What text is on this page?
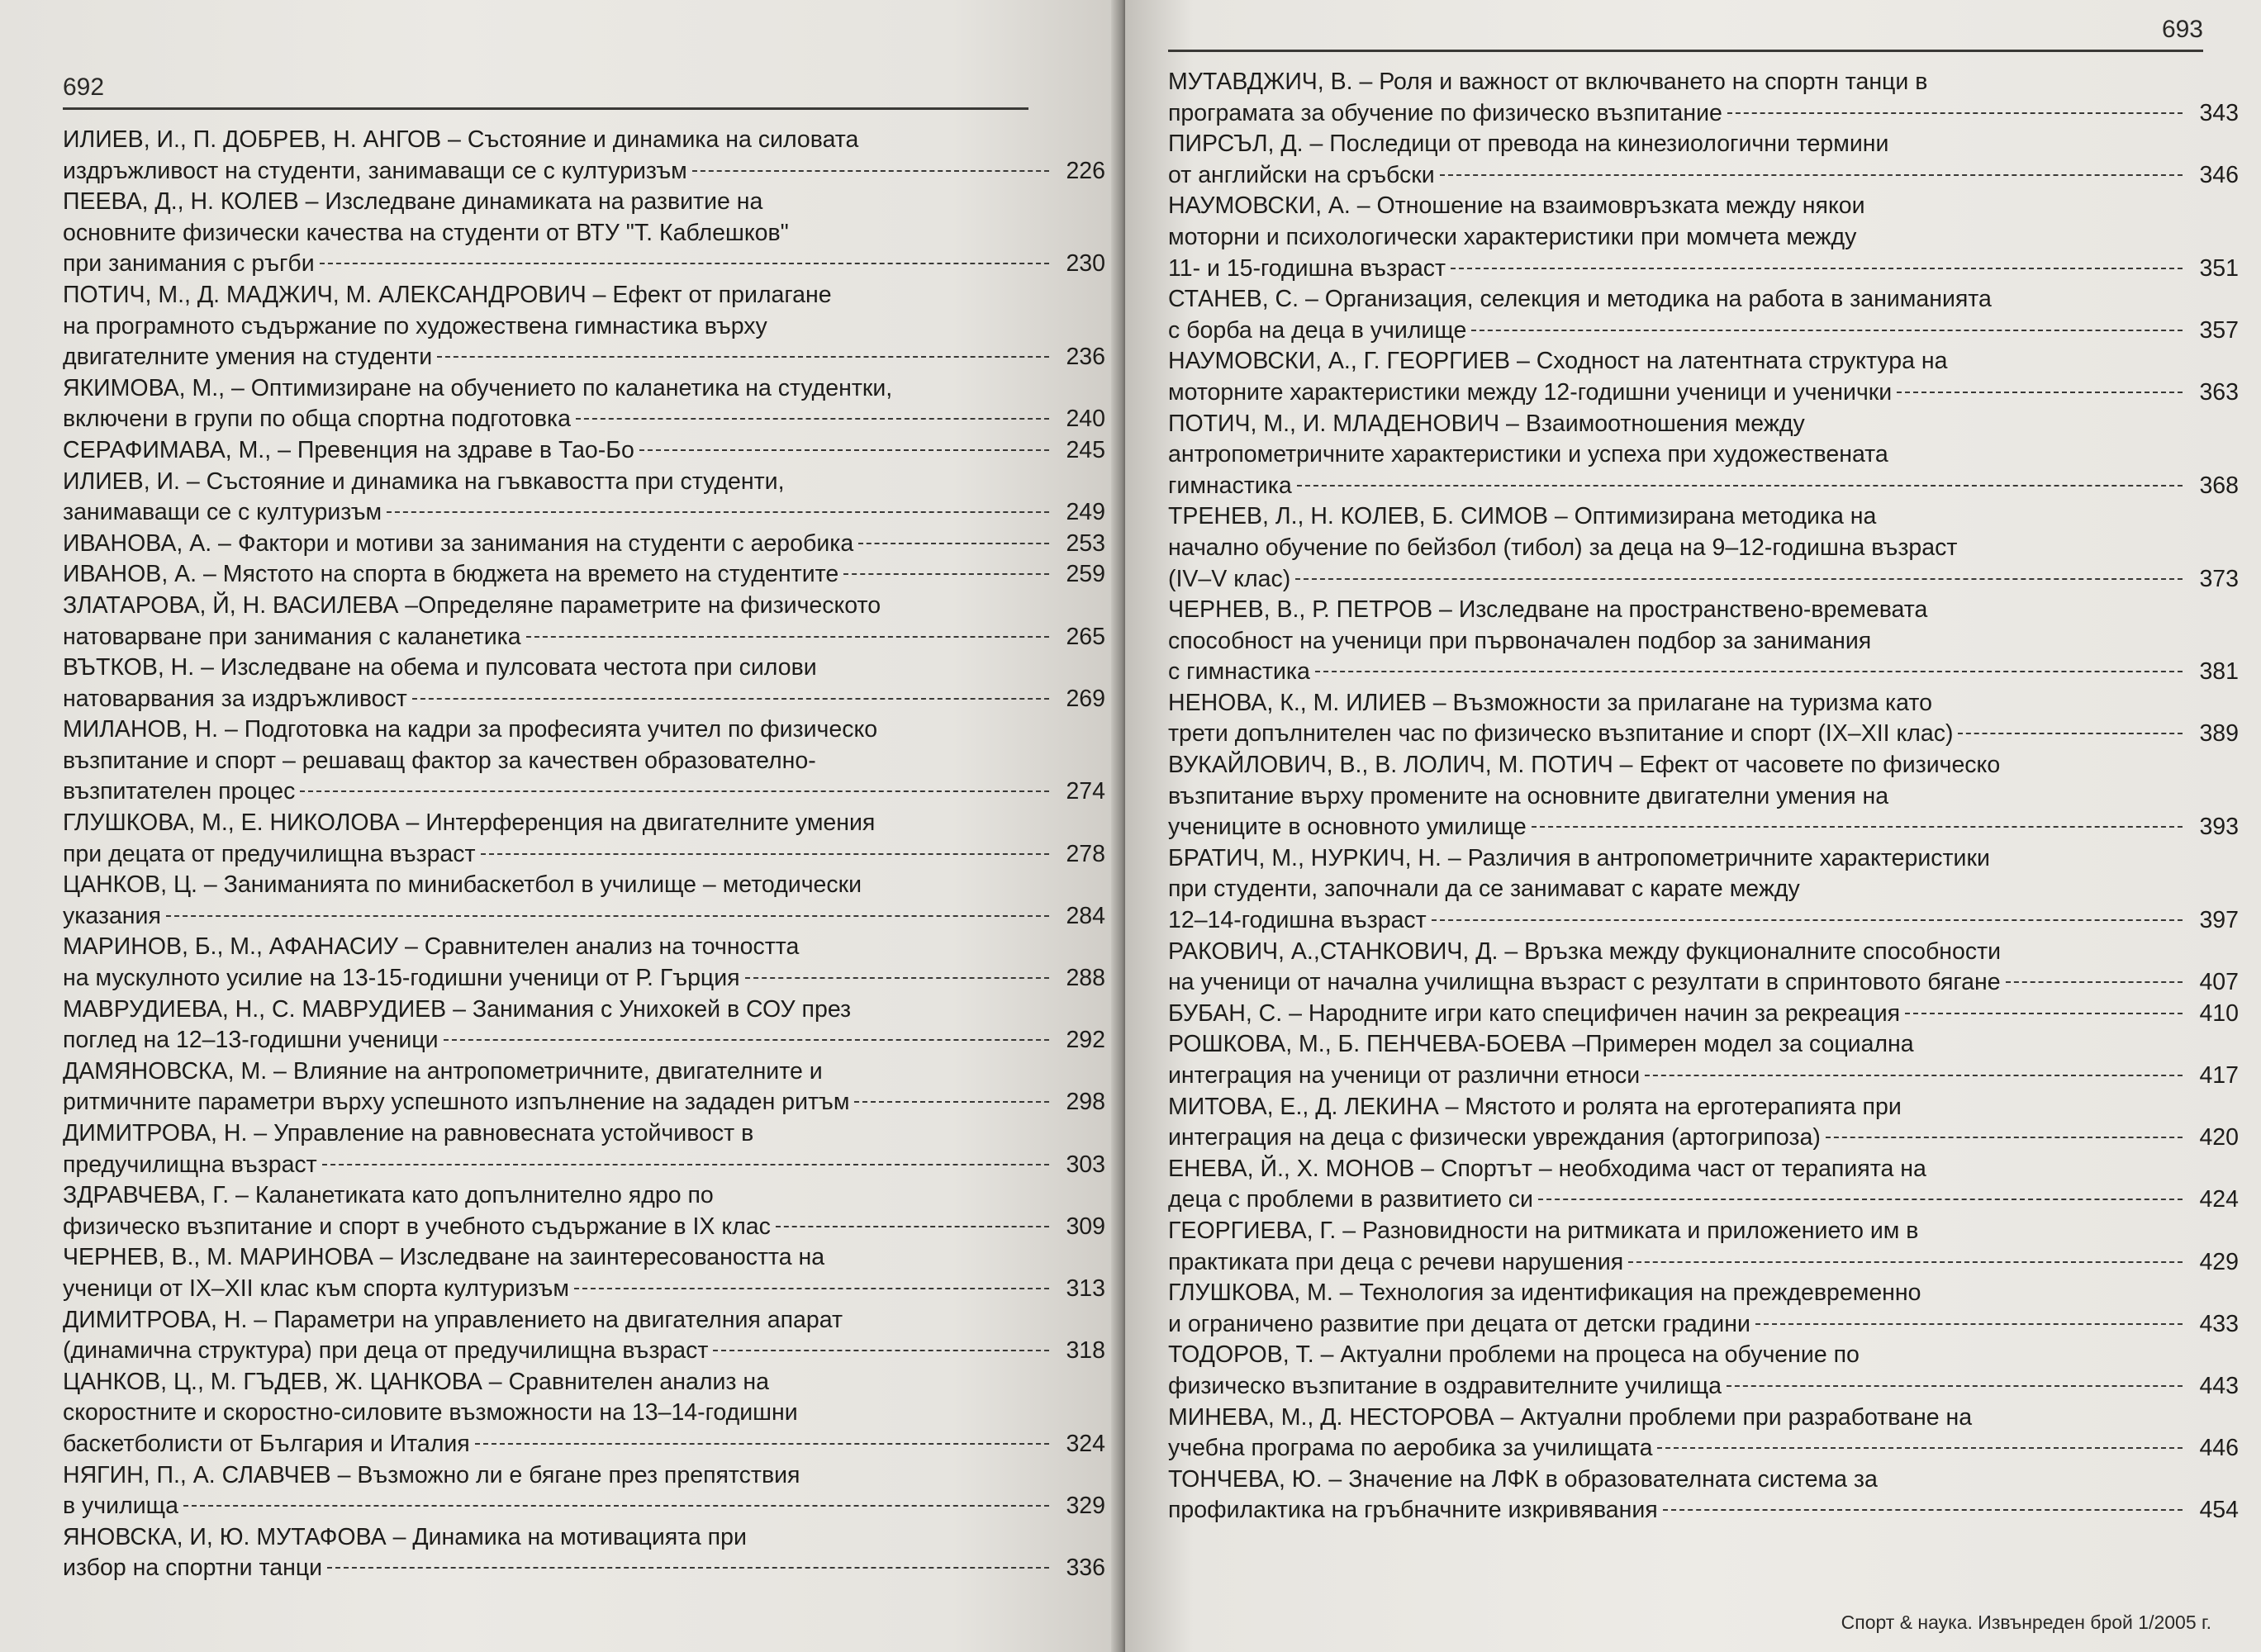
692
ИЛИЕВ, И., П. ДОБРЕВ, Н. АНГОВ – Състояние и динамика на силовата
издръжливост на студенти, занимаващи се с културизъм	226
ПЕЕВА, Д., Н. КОЛЕВ – Изследване динамиката на развитие на
основните физически качества на студенти от ВТУ "Т. Каблешков"
при занимания с ръгби	230
ПОТИЧ, М., Д. МАДЖИЧ, М. АЛЕКСАНДРОВИЧ – Ефект от прилагане
на програмното съдържание по художествена гимнастика върху
двигателните умения на студенти	236
ЯКИМОВА, М., – Оптимизиране на обучението по каланетика на студентки,
включени в групи по обща спортна подготовка	240
СЕРАФИМАВА, М., – Превенция на здраве в Тао-Бо	245
ИЛИЕВ, И. – Състояние и динамика на гъвкавостта при студенти,
занимаващи се с културизъм	249
ИВАНОВА, А. – Фактори и мотиви за занимания на студенти с аеробика	253
ИВАНОВ, А. – Мястото на спорта в бюджета на времето на студентите	259
ЗЛАТАРОВА, Й, Н. ВАСИЛЕВА –Определяне параметрите на физическото
натоварване при занимания с каланетика	265
ВЪТКОВ, Н. – Изследване на обема и пулсовата честота при силови
натоварвания за издръжливост	269
МИЛАНОВ, Н. – Подготовка на кадри за професията учител по физическо
възпитание и спорт – решаващ фактор за качествен образователно-
възпитателен процес	274
ГЛУШКОВА, М., Е. НИКОЛОВА – Интерференция на двигателните умения
при децата от предучилищна възраст	278
ЦАНКОВ, Ц. – Заниманията по минибаскетбол в училище – методически
указания	284
МАРИНОВ, Б., М., АФАНАСИУ – Сравнителен анализ на точността
на мускулното усилие на 13-15-годишни ученици от Р. Гърция	288
МАВРУДИЕВА, Н., С. МАВРУДИЕВ – Занимания с Унихокей в СОУ през
поглед на 12–13-годишни ученици	292
ДАМЯНОВСКА, М. – Влияние на антропометричните, двигателните и
ритмичните параметри върху успешното изпълнение на зададен ритъм	298
ДИМИТРОВА, Н. – Управление на равновесната устойчивост в
предучилищна възраст	303
ЗДРАВЧЕВА, Г. – Каланетиката като допълнително ядро по
физическо възпитание и спорт в учебното съдържание в IX клас	309
ЧЕРНЕВ, В., М. МАРИНОВА – Изследване на заинтересоваността на
ученици от IX–XII клас към спорта културизъм	313
ДИМИТРОВА, Н. – Параметри на управлението на двигателния апарат
(динамична структура) при деца от предучилищна възраст	318
ЦАНКОВ, Ц., М. ГЪДЕВ, Ж. ЦАНКОВА – Сравнителен анализ на
скоростните и скоростно-силовите възможности на 13–14-годишни
баскетболисти от България и Италия	324
НЯГИН, П., А. СЛАВЧЕВ – Възможно ли е бягане през препятствия
в училища	329
ЯНОВСКА, И, Ю. МУТАФОВА – Динамика на мотивацията при
избор на спортни танци	336
693
МУТАВДЖИЧ, В. – Роля и важност от включването на спортн танци в
програмата за обучение по физическо възпитание	343
ПИРСЪЛ, Д. – Последици от превода на кинезиологични термини
от английски на сръбски	346
НАУМОВСКИ, А. – Отношение на взаимовръзката между някои
моторни и психологически характеристики при момчета между
11- и 15-годишна възраст	351
СТАНЕВ, С. – Организация, селекция и методика на работа в заниманията
с борба на деца в училище	357
НАУМОВСКИ, А., Г. ГЕОРГИЕВ – Сходност на латентната структура на
моторните характеристики между 12-годишни ученици и ученички	363
ПОТИЧ, М., И. МЛАДЕНОВИЧ – Взаимоотношения между
антропометричните характеристики и успеха при художествената
гимнастика	368
ТРЕНЕВ, Л., Н. КОЛЕВ, Б. СИМОВ – Оптимизирана методика на
начално обучение по бейзбол (тибол) за деца на 9–12-годишна възраст
(IV–V клас)	373
ЧЕРНЕВ, В., Р. ПЕТРОВ – Изследване на пространствено-времевата
способност на ученици при първоначален подбор за занимания
с гимнастика	381
НЕНОВА, К., М. ИЛИЕВ – Възможности за прилагане на туризма като
трети допълнителен час по физическо възпитание и спорт (IX–XII клас)	389
ВУКАЙЛОВИЧ, В., В. ЛОЛИЧ, М. ПОТИЧ – Ефект от часовете по физическо
възпитание върху промените на основните двигателни умения на
учениците в основното умилище	393
БРАТИЧ, М., НУРКИЧ, Н. – Различия в антропометричните характеристики
при студенти, започнали да се занимават с карате между
12–14-годишна възраст	397
РАКОВИЧ, А.,СТАНКОВИЧ, Д. – Връзка между фукционалните способности
на ученици от начална училищна възраст с резултати в спринтовото бягане	407
БУБАН, С. – Народните игри като специфичен начин за рекреация	410
РОШКОВА, М., Б. ПЕНЧЕВА-БОЕВА –Примерен модел за социална
интеграция на ученици от различни етноси	417
МИТОВА, Е., Д. ЛЕКИНА – Мястото и ролята на ерготерапията при
интеграция на деца с физически увреждания (артогрипоза)	420
ЕНЕВА, Й., Х. МОНОВ – Спортът – необходима част от терапията на
деца с проблеми в развитието си	424
ГЕОРГИЕВА, Г. – Разновидности на ритмиката и приложението им в
практиката при деца с речеви нарушения	429
ГЛУШКОВА, М. – Технология за идентификация на преждевременно
и ограничено развитие при децата от детски градини	433
ТОДОРОВ, Т. – Актуални проблеми на процеса на обучение по
физическо възпитание в оздравителните училища	443
МИНЕВА, М., Д. НЕСТОРОВА – Актуални проблеми при разработване на
учебна програма по аеробика за училищата	446
ТОНЧЕВА, Ю. – Значение на ЛФК в образователната система за
профилактика на гръбначните изкривявания	454
Спорт & наука. Извънреден брой 1/2005 г.
